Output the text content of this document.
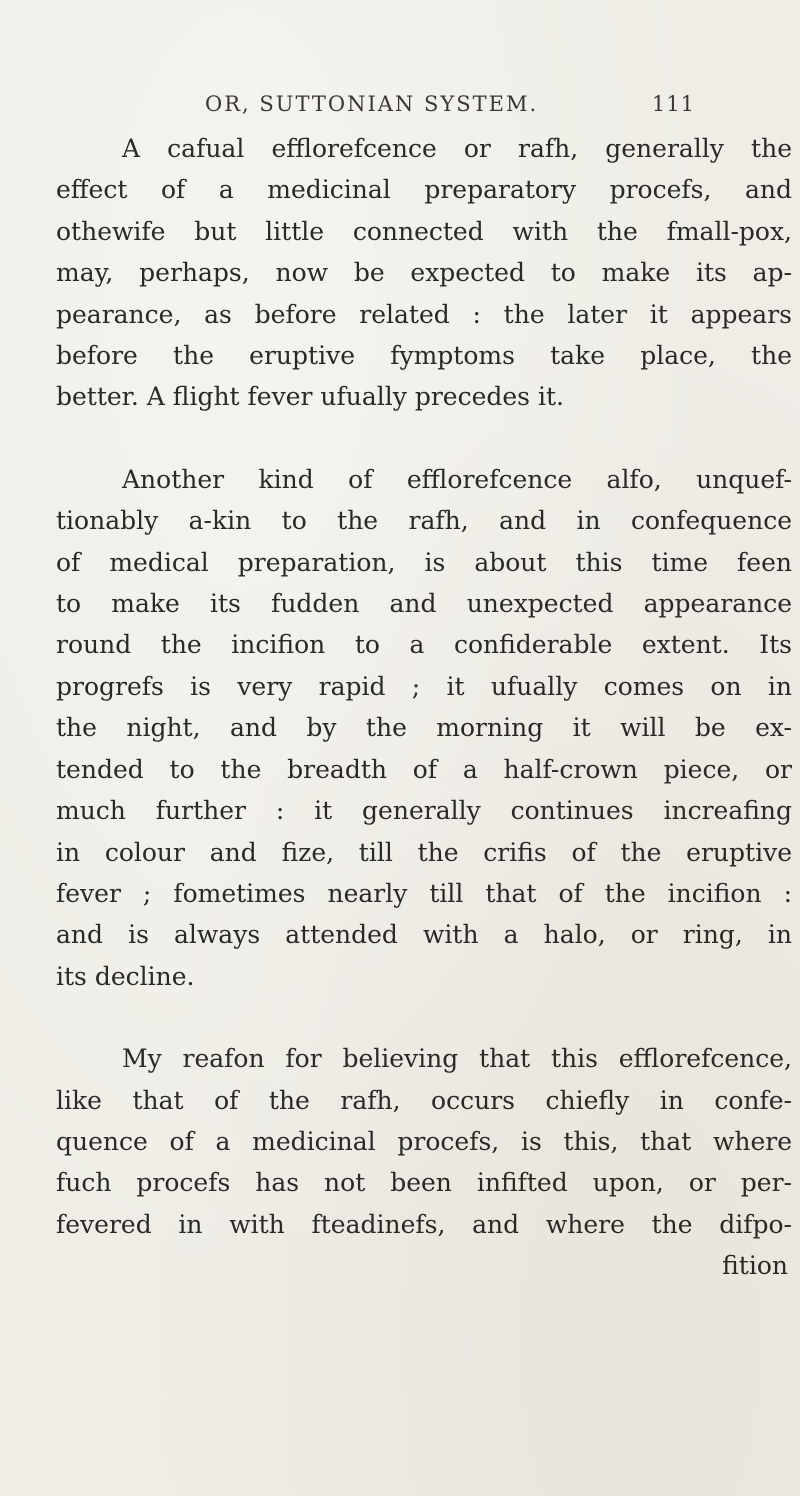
OR, SUTTONIAN SYSTEM.	111
A cafual efflorefcence or rafh, generally the
effect of a medicinal preparatory procefs, and
othewife but little connected with the fmall-pox,
may, perhaps, now be expected to make its ap-
pearance, as before related : the later it appears
before the eruptive fymptoms take place, the
better. A flight fever ufually precedes it.
Another kind of efflorefcence alfo, unquef-
tionably a-kin to the rafh, and in confequence
of medical preparation, is about this time feen
to make its fudden and unexpected appearance
round the incifion to a confiderable extent. Its
progrefs is very rapid ; it ufually comes on in
the night, and by the morning it will be ex-
tended to the breadth of a half-crown piece, or
much further : it generally continues increafing
in colour and fize, till the crifis of the eruptive
fever ; fometimes nearly till that of the incifion :
and is always attended with a halo, or ring, in
its decline.
My reafon for believing that this efflorefcence,
like that of the rafh, occurs chiefly in confe-
quence of a medicinal procefs, is this, that where
fuch procefs has not been infifted upon, or per-
fevered in with fteadinefs, and where the difpo-
fition
